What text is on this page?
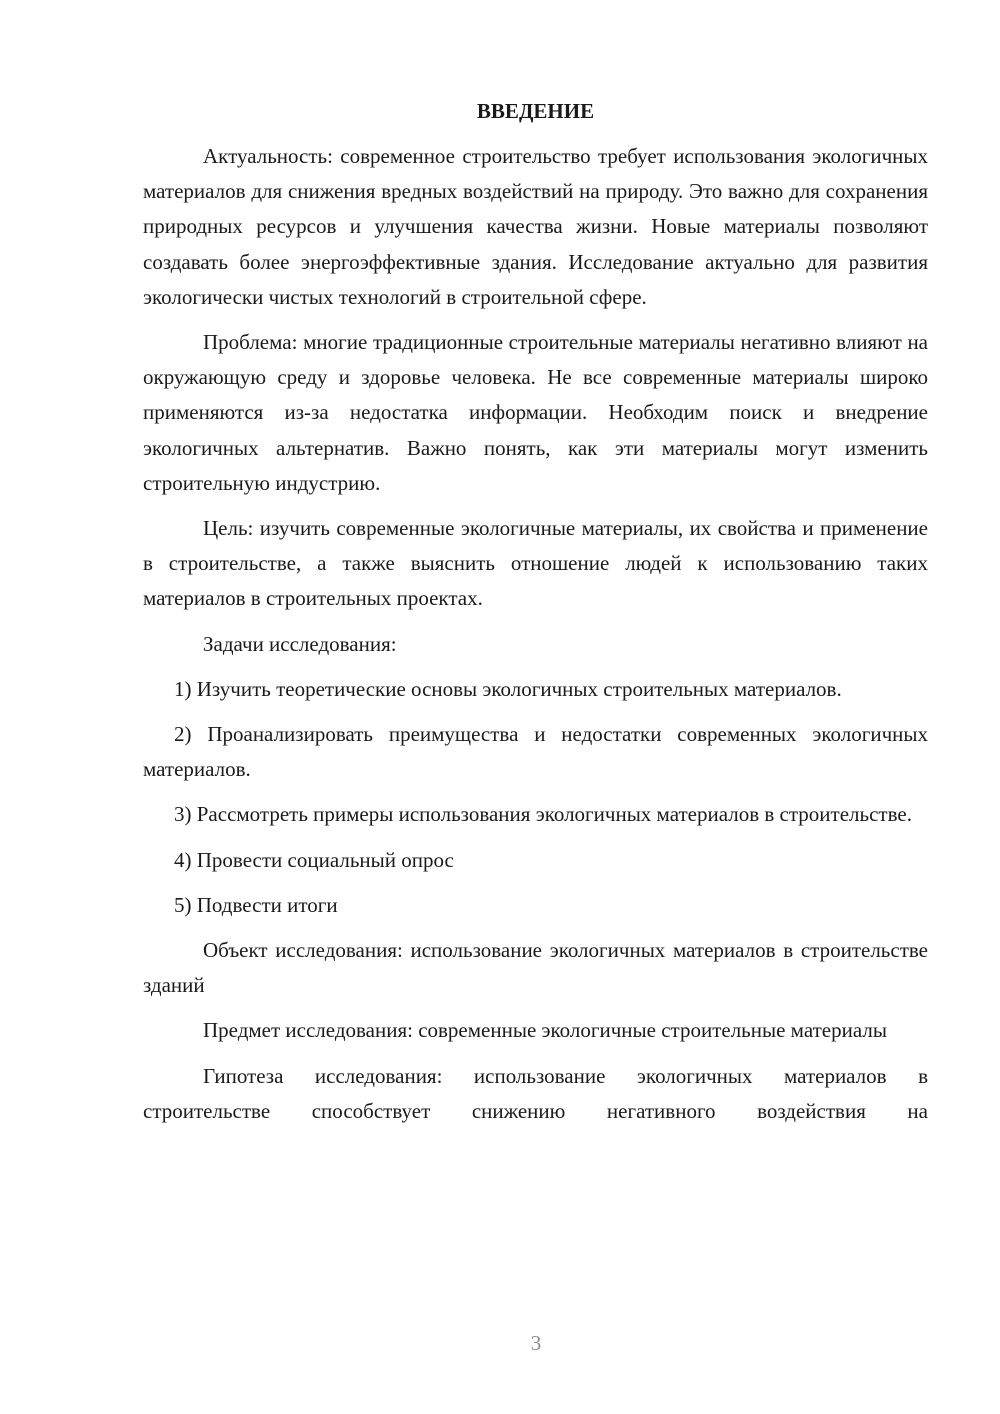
ВВЕДЕНИЕ

Актуальность: современное строительство требует использования экологичных материалов для снижения вредных воздействий на природу. Это важно для сохранения природных ресурсов и улучшения качества жизни. Новые материалы позволяют создавать более энергоэффективные здания. Исследование актуально для развития экологически чистых технологий в строительной сфере.

Проблема: многие традиционные строительные материалы негативно влияют на окружающую среду и здоровье человека. Не все современные материалы широко применяются из-за недостатка информации. Необходим поиск и внедрение экологичных альтернатив. Важно понять, как эти материалы могут изменить строительную индустрию.

Цель: изучить современные экологичные материалы, их свойства и применение в строительстве, а также выяснить отношение людей к использованию таких материалов в строительных проектах.

Задачи исследования:

1) Изучить теоретические основы экологичных строительных материалов.

2) Проанализировать преимущества и недостатки современных экологичных материалов.

3) Рассмотреть примеры использования экологичных материалов в строительстве.

4) Провести социальный опрос

5) Подвести итоги

Объект исследования: использование экологичных материалов в строительстве зданий

Предмет исследования: современные экологичные строительные материалы

Гипотеза исследования: использование экологичных материалов в строительстве способствует снижению негативного воздействия на

3
